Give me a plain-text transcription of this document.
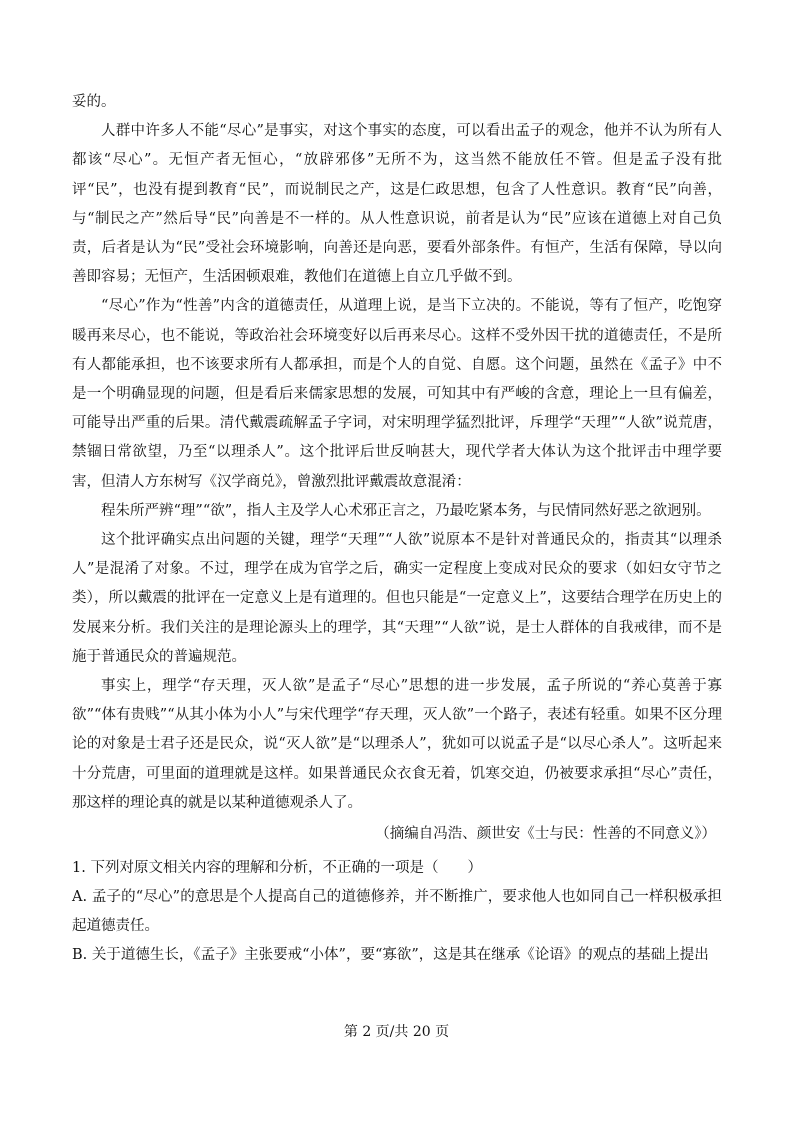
妥的。

人群中许多人不能“尽心”是事实，对这个事实的态度，可以看出孟子的观念，他并不认为所有人都该“尽心”。无恒产者无恒心，“放辟邪侈”无所不为，这当然不能放任不管。但是孟子没有批评“民”，也没有提到教育“民”，而说制民之产，这是仁政思想，包含了人性意识。教育“民”向善，与“制民之产”然后导“民”向善是不一样的。从人性意识说，前者是认为“民”应该在道德上对自己负责，后者是认为“民”受社会环境影响，向善还是向恶，要看外部条件。有恒产，生活有保障，导以向善即容易；无恒产，生活困顿艰难，教他们在道德上自立几乎做不到。

“尽心”作为“性善”内含的道德责任，从道理上说，是当下立决的。不能说，等有了恒产，吃饱穿暖再来尽心，也不能说，等政治社会环境变好以后再来尽心。这样不受外因干扰的道德责任，不是所有人都能承担，也不该要求所有人都承担，而是个人的自觉、自愿。这个问题，虽然在《孟子》中不是一个明确显现的问题，但是看后来儒家思想的发展，可知其中有严峻的含意，理论上一旦有偏差，可能导出严重的后果。清代戴震疏解孟子字词，对宋明理学猛烈批评，斥理学“天理”“人欲”说荒唐，禁锢日常欲望，乃至“以理杀人”。这个批评后世反响甚大，现代学者大体认为这个批评击中理学要害，但清人方东树写《汉学商兑》，曾激烈批评戴震故意混淆：

程朱所严辨“理”“欲”，指人主及学人心术邪正言之，乃最吃紧本务，与民情同然好恶之欲迥别。

这个批评确实点出问题的关键，理学“天理”“人欲”说原本不是针对普通民众的，指责其“以理杀人”是混淆了对象。不过，理学在成为官学之后，确实一定程度上变成对民众的要求（如妇女守节之类），所以戴震的批评在一定意义上是有道理的。但也只能是“一定意义上”，这要结合理学在历史上的发展来分析。我们关注的是理论源头上的理学，其“天理”“人欲”说，是士人群体的自我戒律，而不是施于普通民众的普遍规范。

事实上，理学“存天理，灭人欲”是孟子“尽心”思想的进一步发展，孟子所说的“养心莫善于寡欲”“体有贵贱”“从其小体为小人”与宋代理学“存天理，灭人欲”一个路子，表述有轻重。如果不区分理论的对象是士君子还是民众，说“灭人欲”是“以理杀人”，犹如可以说孟子是“以尽心杀人”。这听起来十分荒唐，可里面的道理就是这样。如果普通民众衣食无着，饥寒交迫，仍被要求承担“尽心”责任，那这样的理论真的就是以某种道德观杀人了。

（摘编自冯浩、颜世安《士与民：性善的不同意义》）

1. 下列对原文相关内容的理解和分析，不正确的一项是（　　）

A. 孟子的“尽心”的意思是个人提高自己的道德修养，并不断推广，要求他人也如同自己一样积极承担起道德责任。

B. 关于道德生长，《孟子》主张要戒“小体”，要“寡欲”，这是其在继承《论语》的观点的基础上提出

第 2 页/共 20 页
